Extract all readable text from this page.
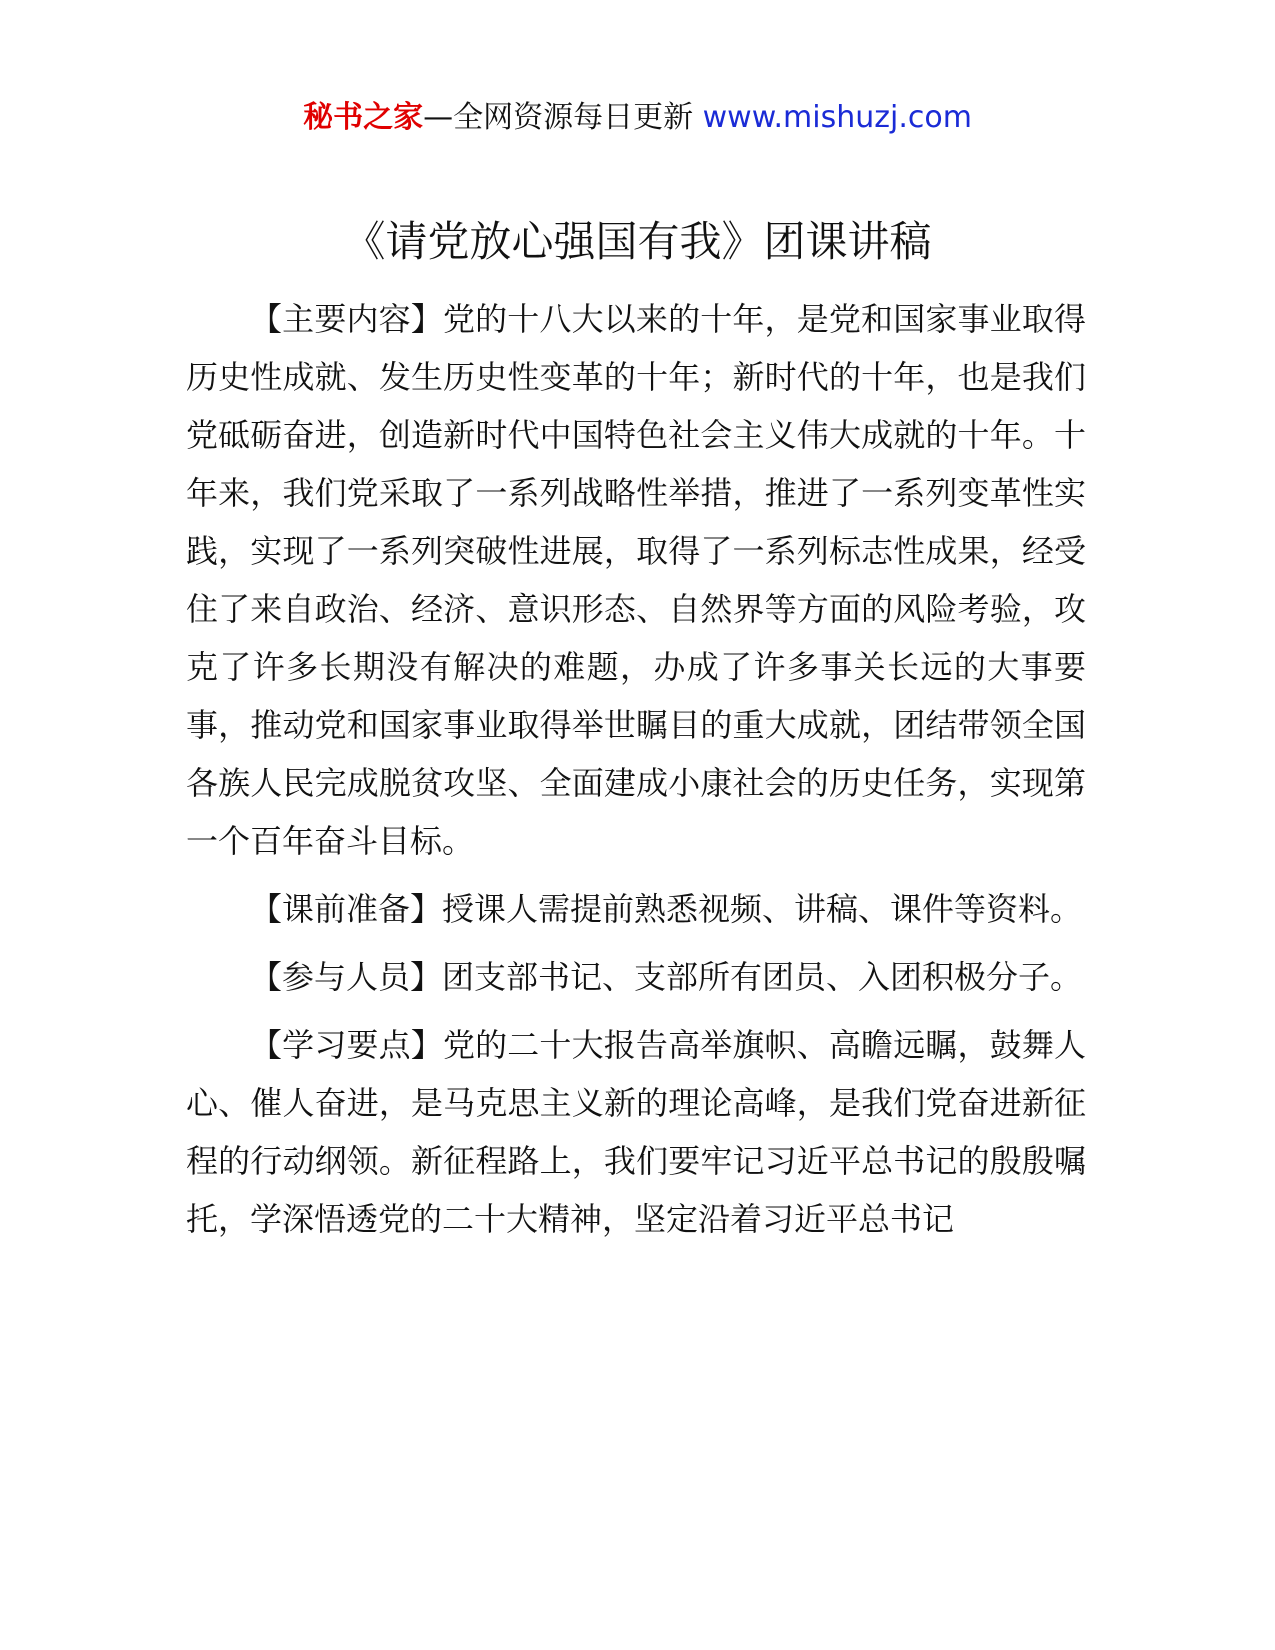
秘书之家—全网资源每日更新 www.mishuzj.com
《请党放心强国有我》团课讲稿

【主要内容】党的十八大以来的十年，是党和国家事业取得历史性成就、发生历史性变革的十年；新时代的十年，也是我们党砥砺奋进，创造新时代中国特色社会主义伟大成就的十年。十年来，我们党采取了一系列战略性举措，推进了一系列变革性实践，实现了一系列突破性进展，取得了一系列标志性成果，经受住了来自政治、经济、意识形态、自然界等方面的风险考验，攻克了许多长期没有解决的难题，办成了许多事关长远的大事要事，推动党和国家事业取得举世瞩目的重大成就，团结带领全国各族人民完成脱贫攻坚、全面建成小康社会的历史任务，实现第一个百年奋斗目标。

【课前准备】授课人需提前熟悉视频、讲稿、课件等资料。

【参与人员】团支部书记、支部所有团员、入团积极分子。

【学习要点】党的二十大报告高举旗帜、高瞻远瞩，鼓舞人心、催人奋进，是马克思主义新的理论高峰，是我们党奋进新征程的行动纲领。新征程路上，我们要牢记习近平总书记的殷殷嘱托，学深悟透党的二十大精神，坚定沿着习近平总书记
